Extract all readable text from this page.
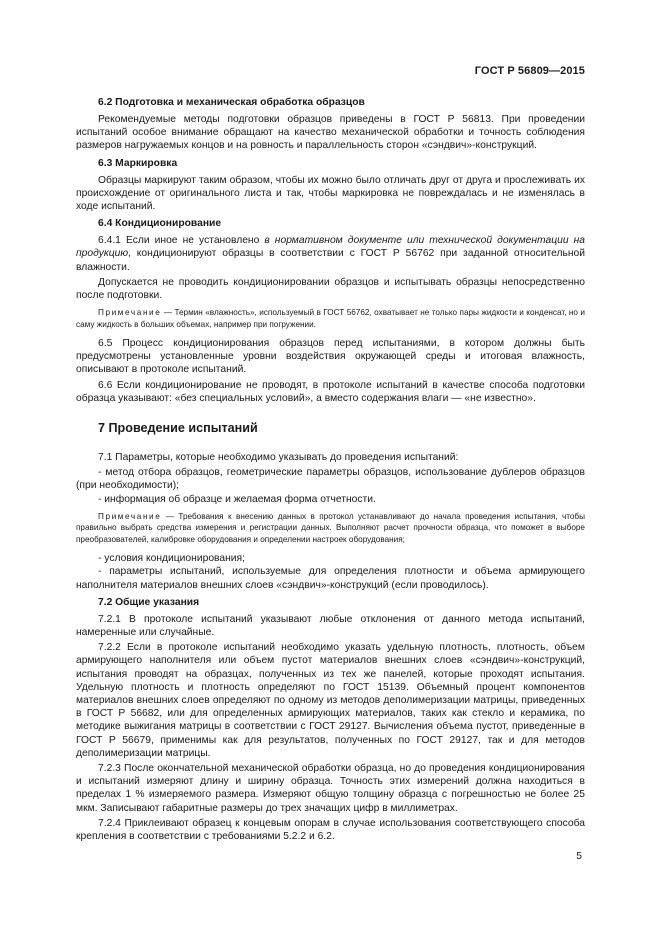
ГОСТ Р 56809—2015
6.2 Подготовка и механическая обработка образцов

Рекомендуемые методы подготовки образцов приведены в ГОСТ Р 56813. При проведении испытаний особое внимание обращают на качество механической обработки и точность соблюдения размеров нагружаемых концов и на ровность и параллельность сторон «сэндвич»-конструкций.

6.3 Маркировка

Образцы маркируют таким образом, чтобы их можно было отличать друг от друга и прослеживать их происхождение от оригинального листа и так, чтобы маркировка не повреждалась и не изменялась в ходе испытаний.

6.4 Кондиционирование

6.4.1 Если иное не установлено в нормативном документе или технической документации на продукцию, кондиционируют образцы в соответствии с ГОСТ Р 56762 при заданной относительной влажности.

Допускается не проводить кондиционировании образцов и испытывать образцы непосредственно после подготовки.

Примечание — Термин «влажность», используемый в ГОСТ 56762, охватывает не только пары жидкости и конденсат, но и саму жидкость в больших объемах, например при погружении.

6.5 Процесс кондиционирования образцов перед испытаниями, в котором должны быть предусмотрены установленные уровни воздействия окружающей среды и итоговая влажность, описывают в протоколе испытаний.

6.6 Если кондиционирование не проводят, в протоколе испытаний в качестве способа подготовки образца указывают: «без специальных условий», а вместо содержания влаги — «не известно».

7 Проведение испытаний

7.1 Параметры, которые необходимо указывать до проведения испытаний:

- метод отбора образцов, геометрические параметры образцов, использование дублеров образцов (при необходимости);

- информация об образце и желаемая форма отчетности.

Примечание — Требования к внесению данных в протокол устанавливают до начала проведения испытания, чтобы правильно выбрать средства измерения и регистрации данных. Выполняют расчет прочности образца, что поможет в выборе преобразователей, калибровке оборудования и определении настроек оборудования;

- условия кондиционирования;

- параметры испытаний, используемые для определения плотности и объема армирующего наполнителя материалов внешних слоев «сэндвич»-конструкций (если проводилось).

7.2 Общие указания

7.2.1 В протоколе испытаний указывают любые отклонения от данного метода испытаний, намеренные или случайные.

7.2.2 Если в протоколе испытаний необходимо указать удельную плотность, плотность, объем армирующего наполнителя или объем пустот материалов внешних слоев «сэндвич»-конструкций, испытания проводят на образцах, полученных из тех же панелей, которые проходят испытания. Удельную плотность и плотность определяют по ГОСТ 15139. Объемный процент компонентов материалов внешних слоев определяют по одному из методов деполимеризации матрицы, приведенных в ГОСТ Р 56682, или для определенных армирующих материалов, таких как стекло и керамика, по методике выжигания матрицы в соответствии с ГОСТ 29127. Вычисления объема пустот, приведенные в ГОСТ Р 56679, применимы как для результатов, полученных по ГОСТ 29127, так и для методов деполимеризации матрицы.

7.2.3 После окончательной механической обработки образца, но до проведения кондиционирования и испытаний измеряют длину и ширину образца. Точность этих измерений должна находиться в пределах 1 % измеряемого размера. Измеряют общую толщину образца с погрешностью не более 25 мкм. Записывают габаритные размеры до трех значащих цифр в миллиметрах.

7.2.4 Приклеивают образец к концевым опорам в случае использования соответствующего способа крепления в соответствии с требованиями 5.2.2 и 6.2.

5
